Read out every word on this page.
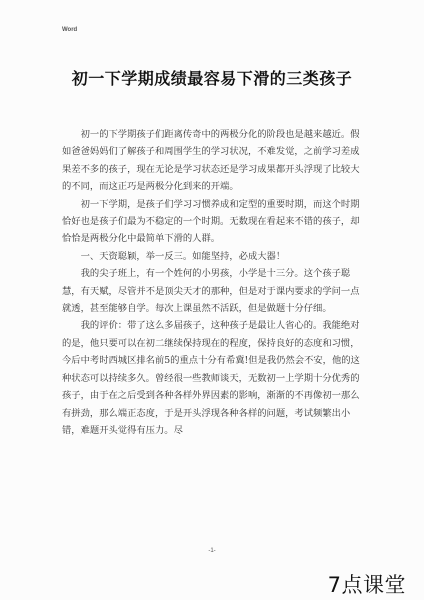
Word
初一下学期成绩最容易下滑的三类孩子

初一的下学期孩子们距离传奇中的两极分化的阶段也是越来越近。假如爸爸妈妈们了解孩子和周围学生的学习状况，不难发觉，之前学习差成果差不多的孩子，现在无论是学习状态还是学习成果都开头浮现了比较大的不同，而这正巧是两极分化到来的开端。

初一下学期，是孩子们学习习惯养成和定型的重要时期，而这个时期恰好也是孩子们最为不稳定的一个时期。无数现在看起来不错的孩子，却恰恰是两极分化中最简单下滑的人群。

一、天资聪颖，举一反三。如能坚持，必成大器！

我的尖子班上，有一个姓何的小男孩，小学是十三分。这个孩子聪慧，有天赋，尽管并不是顶尖天才的那种，但是对于课内要求的学问一点就透，甚至能够自学。每次上课虽然不活跃，但是做题十分仔细。

我的评价：带了这么多届孩子，这种孩子是最让人省心的。我能绝对的是，他只要可以在初二继续保持现在的程度，保持良好的态度和习惯，今后中考时西城区排名前5的重点十分有希冀!但是我仍然会不安，他的这种状态可以持续多久。曾经很一些教师谈天，无数初一上学期十分优秀的孩子，由于在之后受到各种各样外界因素的影响，渐渐的不再像初一那么有拼劲，那么端正态度，于是开头浮现各种各样的问题，考试频繁出小错，难题开头觉得有压力。尽

-1-
7点课堂
